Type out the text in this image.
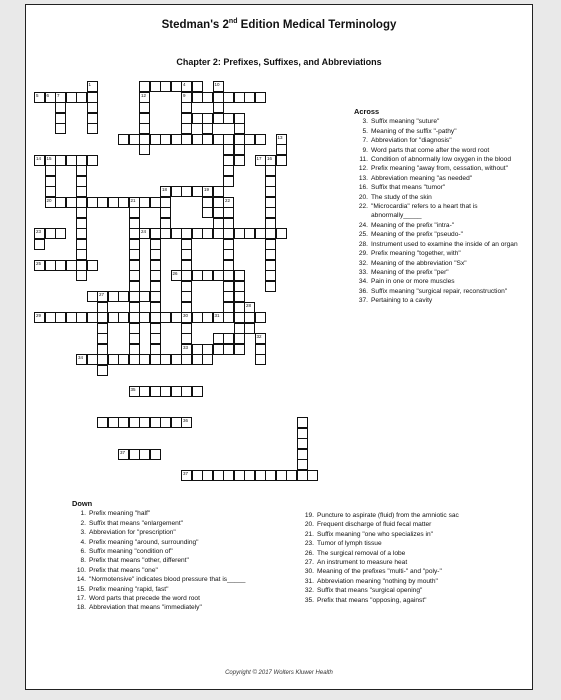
Stedman's 2nd Edition Medical Terminology
Chapter 2: Prefixes, Suffixes, and Abbreviations
5 6 7
1
12
4
9
10
13
14 15	17 16
18	19
21
20	22
23	24
30
33
25
26
27
28
29	31
32
34
35
36
37
37
Across
3. Suffix meaning "suture"
5. Meaning of the suffix "-pathy"
7. Abbreviation for "diagnosis"
9. Word parts that come after the word root
11. Condition of abnormally low oxygen in the blood
12. Prefix meaning "away from, cessation, without"
13. Abbreviation meaning "as needed"
16. Suffix that means "tumor"
20. The study of the skin
22. "Microcardia" refers to a heart that is abnormally_____
24. Meaning of the prefix "intra-"
25. Meaning of the prefix "pseudo-"
28. Instrument used to examine the inside of an organ
29. Prefix meaning "together, with"
32. Meaning of the abbreviation "Sx"
33. Meaning of the prefix "per"
34. Pain in one or more muscles
36. Suffix meaning "surgical repair, reconstruction"
37. Pertaining to a cavity
Down
1. Prefix meaning "half"
2. Suffix that means "enlargement"
3. Abbreviation for "prescription"
4. Prefix meaning "around, surrounding"
6. Suffix meaning "condition of"
8. Prefix that means "other, different"
10. Prefix that means "one"
14. "Normotensive" indicates blood pressure that is_____
15. Prefix meaning "rapid, fast"
17. Word parts that precede the word root
18. Abbreviation that means "immediately"
19. Puncture to aspirate (fluid) from the amniotic sac
20. Frequent discharge of fluid fecal matter
21. Suffix meaning "one who specializes in"
23. Tumor of lymph tissue
26. The surgical removal of a lobe
27. An instrument to measure heat
30. Meaning of the prefixes "multi-" and "poly-"
31. Abbreviation meaning "nothing by mouth"
32. Suffix that means "surgical opening"
35. Prefix that means "opposing, against"
Copyright © 2017 Wolters Kluwer Health
